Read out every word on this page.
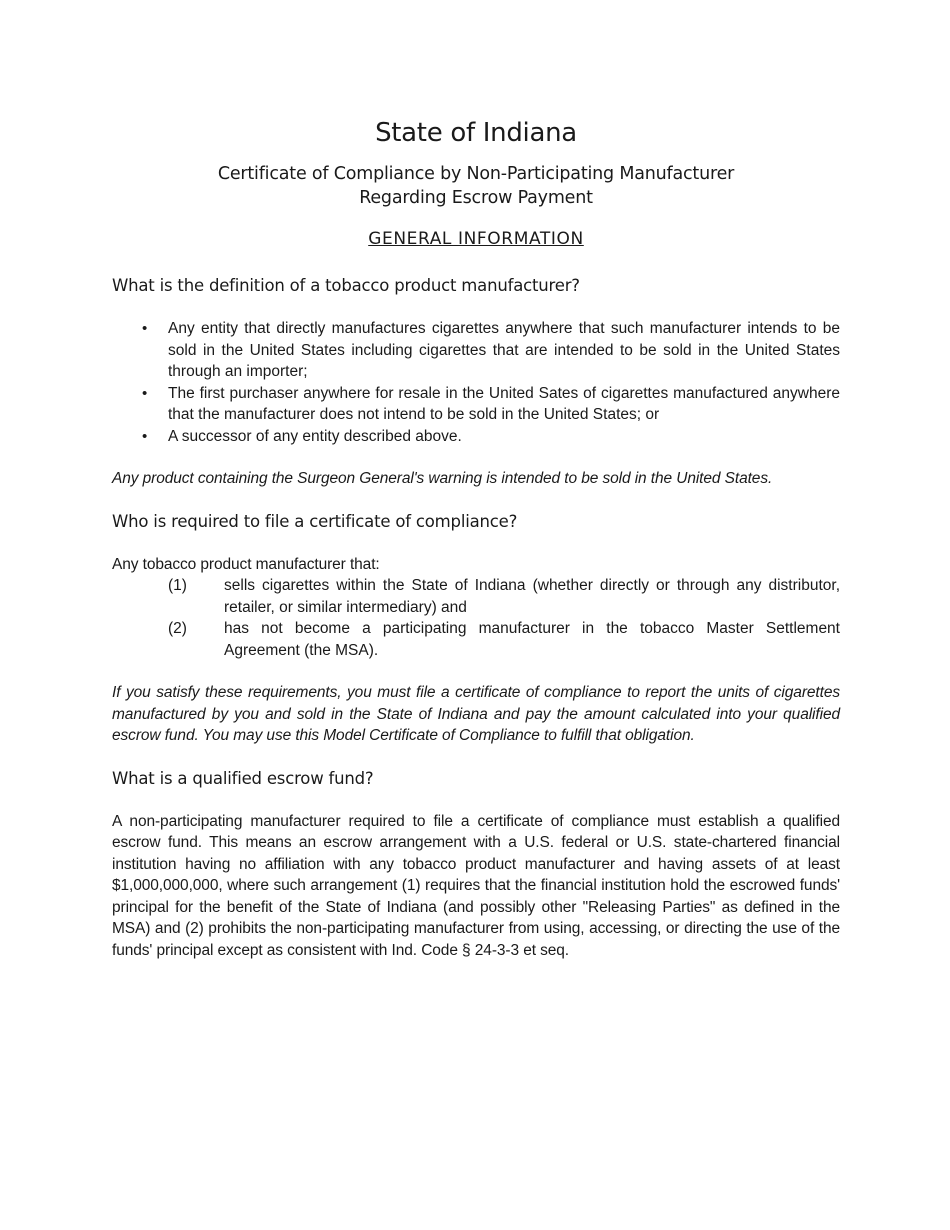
State of Indiana
Certificate of Compliance by Non-Participating Manufacturer
Regarding Escrow Payment
GENERAL INFORMATION
What is the definition of a tobacco product manufacturer?
• Any entity that directly manufactures cigarettes anywhere that such manufacturer intends to be sold in the United States including cigarettes that are intended to be sold in the United States through an importer;
• The first purchaser anywhere for resale in the United Sates of cigarettes manufactured anywhere that the manufacturer does not intend to be sold in the United States; or
• A successor of any entity described above.
Any product containing the Surgeon General's warning is intended to be sold in the United States.
Who is required to file a certificate of compliance?
Any tobacco product manufacturer that:
(1) sells cigarettes within the State of Indiana (whether directly or through any distributor, retailer, or similar intermediary) and
(2) has not become a participating manufacturer in the tobacco Master Settlement Agreement (the MSA).
If you satisfy these requirements, you must file a certificate of compliance to report the units of cigarettes manufactured by you and sold in the State of Indiana and pay the amount calculated into your qualified escrow fund. You may use this Model Certificate of Compliance to fulfill that obligation.
What is a qualified escrow fund?
A non-participating manufacturer required to file a certificate of compliance must establish a qualified escrow fund. This means an escrow arrangement with a U.S. federal or U.S. state-chartered financial institution having no affiliation with any tobacco product manufacturer and having assets of at least $1,000,000,000, where such arrangement (1) requires that the financial institution hold the escrowed funds' principal for the benefit of the State of Indiana (and possibly other "Releasing Parties" as defined in the MSA) and (2) prohibits the non-participating manufacturer from using, accessing, or directing the use of the funds' principal except as consistent with Ind. Code § 24-3-3 et seq.
